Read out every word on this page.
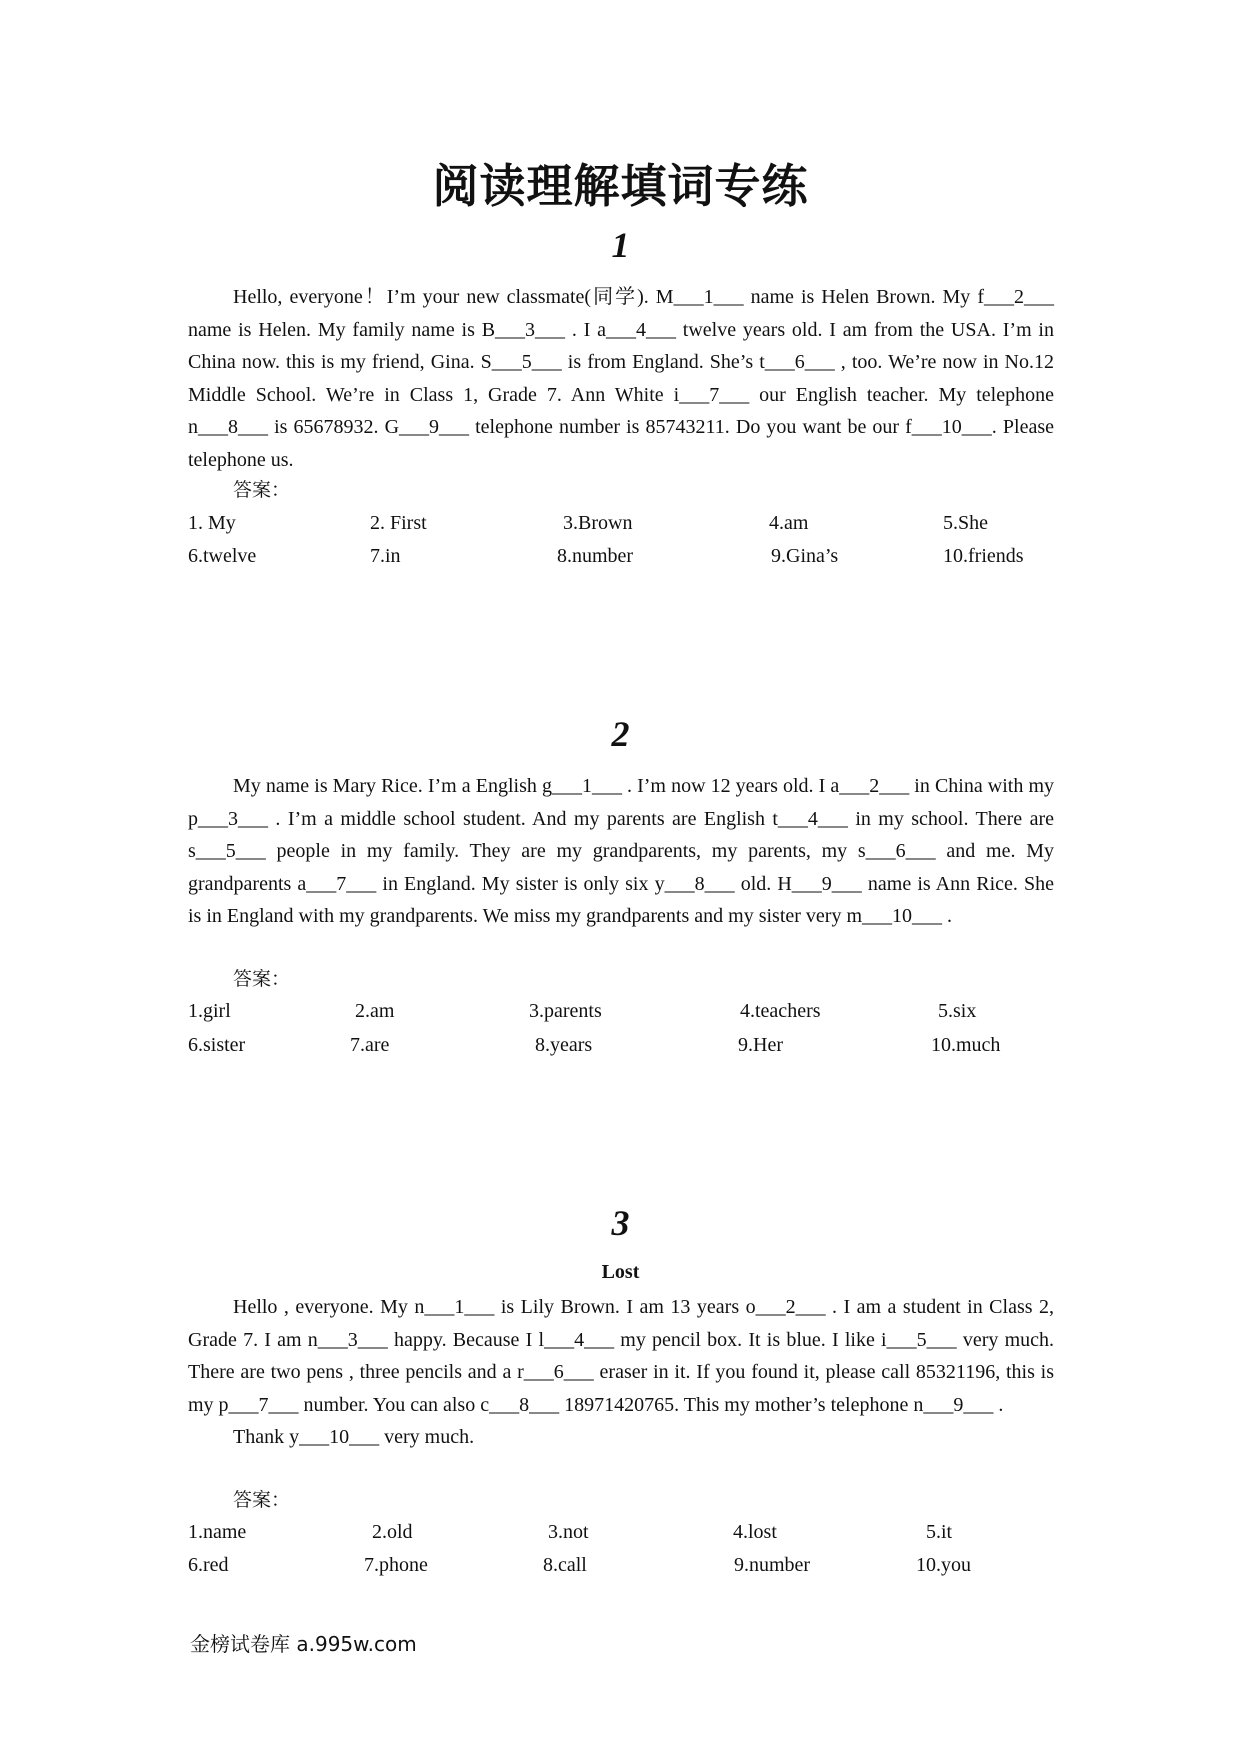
阅读理解填词专练
1

Hello, everyone！I’m your new classmate(同学). M___1___ name is Helen Brown. My f___2___ name is Helen. My family name is B___3___ . I a___4___ twelve years old. I am from the USA. I’m in China now. this is my friend, Gina. S___5___ is from England. She’s t___6___ , too. We’re now in No.12 Middle School. We’re in Class 1, Grade 7. Ann White i___7___ our English teacher. My telephone n___8___ is 65678932. G___9___ telephone number is 85743211. Do you want be our f___10___. Please telephone us.

答案：
1. My	2. First	3.Brown	4.am	5.She
6.twelve	7.in	8.number	9.Gina’s	10.friends
2

My name is Mary Rice. I’m a English g___1___ . I’m now 12 years old. I a___2___ in China with my p___3___ . I’m a middle school student. And my parents are English t___4___ in my school. There are s___5___ people in my family. They are my grandparents, my parents, my s___6___ and me. My grandparents a___7___ in England. My sister is only six y___8___ old. H___9___ name is Ann Rice. She is in England with my grandparents. We miss my grandparents and my sister very m___10___ .

答案：
1.girl	2.am	3.parents	4.teachers	5.six
6.sister	7.are	8.years	9.Her	10.much
3
Lost

Hello , everyone. My n___1___ is Lily Brown. I am 13 years o___2___ . I am a student in Class 2, Grade 7. I am n___3___ happy. Because I l___4___ my pencil box. It is blue. I like i___5___ very much. There are two pens , three pencils and a r___6___ eraser in it. If you found it, please call 85321196, this is my p___7___ number. You can also c___8___ 18971420765. This my mother’s telephone n___9___ .

Thank y___10___ very much.

答案：
1.name	2.old	3.not	4.lost	5.it
6.red	7.phone	8.call	9.number	10.you
金榜试卷库 a.995w.com
